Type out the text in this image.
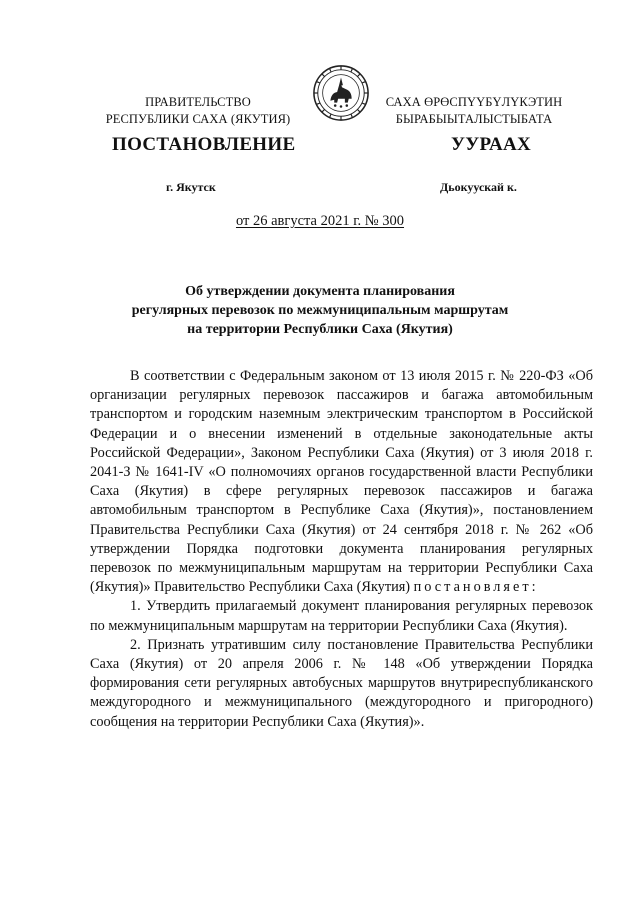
ПРАВИТЕЛЬСТВО
РЕСПУБЛИКИ САХА (ЯКУТИЯ)
САХА ӨРӨСПҮҮБҮЛҮКЭТИН
БЫРАБЫЫТАЛЫСТЫБАТА
ПОСТАНОВЛЕНИЕ	УУРААХ
г. Якутск	Дьокуускай к.
от 26 августа 2021 г. № 300
Об утверждении документа планирования
регулярных перевозок по межмуниципальным маршрутам
на территории Республики Саха (Якутия)

В соответствии с Федеральным законом от 13 июля 2015 г. № 220-ФЗ «Об организации регулярных перевозок пассажиров и багажа автомобильным транспортом и городским наземным электрическим транспортом в Российской Федерации и о внесении изменений в отдельные законодательные акты Российской Федерации», Законом Республики Саха (Якутия) от 3 июля 2018 г. 2041-З № 1641-IV «О полномочиях органов государственной власти Республики Саха (Якутия) в сфере регулярных перевозок пассажиров и багажа автомобильным транспортом в Республике Саха (Якутия)», постановлением Правительства Республики Саха (Якутия) от 24 сентября 2018 г. № 262 «Об утверждении Порядка подготовки документа планирования регулярных перевозок по межмуниципальным маршрутам на территории Республики Саха (Якутия)» Правительство Республики Саха (Якутия) постановляет:

1. Утвердить прилагаемый документ планирования регулярных перевозок по межмуниципальным маршрутам на территории Республики Саха (Якутия).

2. Признать утратившим силу постановление Правительства Республики Саха (Якутия) от 20 апреля 2006 г. № 148 «Об утверждении Порядка формирования сети регулярных автобусных маршрутов внутриреспубликанского междугородного и межмуниципального (междугородного и пригородного) сообщения на территории Республики Саха (Якутия)».
